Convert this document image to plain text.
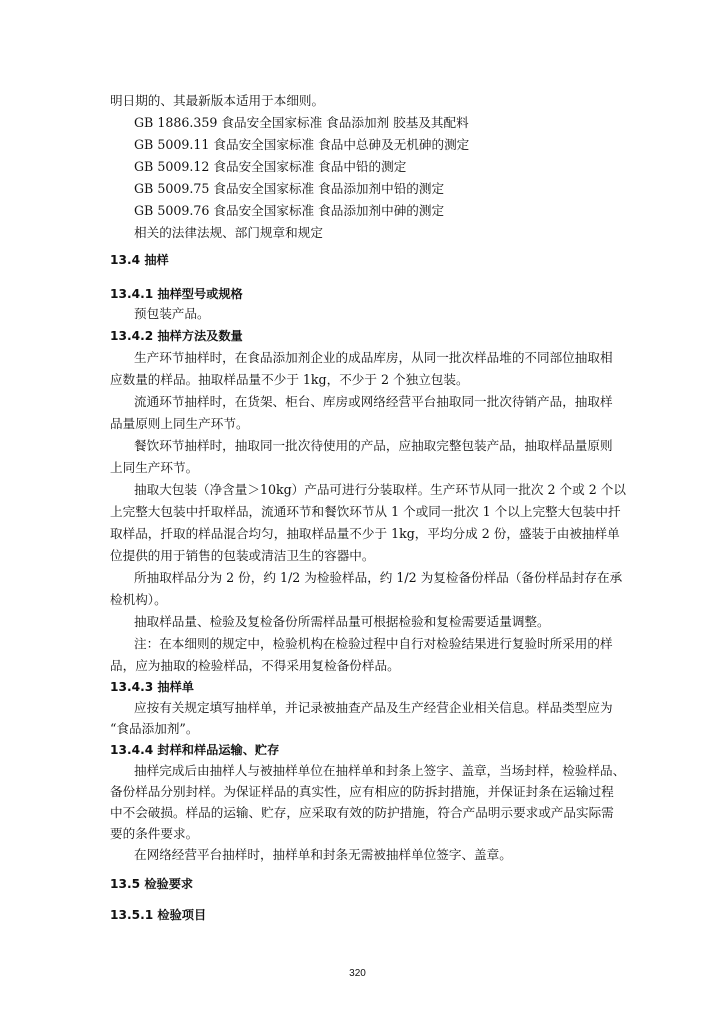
明日期的、其最新版本适用于本细则。
GB 1886.359 食品安全国家标准 食品添加剂 胶基及其配料
GB 5009.11 食品安全国家标准 食品中总砷及无机砷的测定
GB 5009.12 食品安全国家标准 食品中铅的测定
GB 5009.75 食品安全国家标准 食品添加剂中铅的测定
GB 5009.76 食品安全国家标准 食品添加剂中砷的测定
相关的法律法规、部门规章和规定
13.4 抽样
13.4.1 抽样型号或规格
预包装产品。
13.4.2 抽样方法及数量
生产环节抽样时，在食品添加剂企业的成品库房，从同一批次样品堆的不同部位抽取相
应数量的样品。抽取样品量不少于 1kg，不少于 2 个独立包装。
流通环节抽样时，在货架、柜台、库房或网络经营平台抽取同一批次待销产品，抽取样
品量原则上同生产环节。
餐饮环节抽样时，抽取同一批次待使用的产品，应抽取完整包装产品，抽取样品量原则
上同生产环节。
抽取大包装（净含量＞10kg）产品可进行分装取样。生产环节从同一批次 2 个或 2 个以
上完整大包装中扦取样品，流通环节和餐饮环节从 1 个或同一批次 1 个以上完整大包装中扦
取样品，扦取的样品混合均匀，抽取样品量不少于 1kg，平均分成 2 份，盛装于由被抽样单
位提供的用于销售的包装或清洁卫生的容器中。
所抽取样品分为 2 份，约 1/2 为检验样品，约 1/2 为复检备份样品（备份样品封存在承
检机构）。
抽取样品量、检验及复检备份所需样品量可根据检验和复检需要适量调整。
注：在本细则的规定中，检验机构在检验过程中自行对检验结果进行复验时所采用的样
品，应为抽取的检验样品，不得采用复检备份样品。
13.4.3 抽样单
应按有关规定填写抽样单，并记录被抽查产品及生产经营企业相关信息。样品类型应为
“食品添加剂”。
13.4.4 封样和样品运输、贮存
抽样完成后由抽样人与被抽样单位在抽样单和封条上签字、盖章，当场封样，检验样品、
备份样品分别封样。为保证样品的真实性，应有相应的防拆封措施，并保证封条在运输过程
中不会破损。样品的运输、贮存，应采取有效的防护措施，符合产品明示要求或产品实际需
要的条件要求。
在网络经营平台抽样时，抽样单和封条无需被抽样单位签字、盖章。
13.5 检验要求
13.5.1 检验项目
320
